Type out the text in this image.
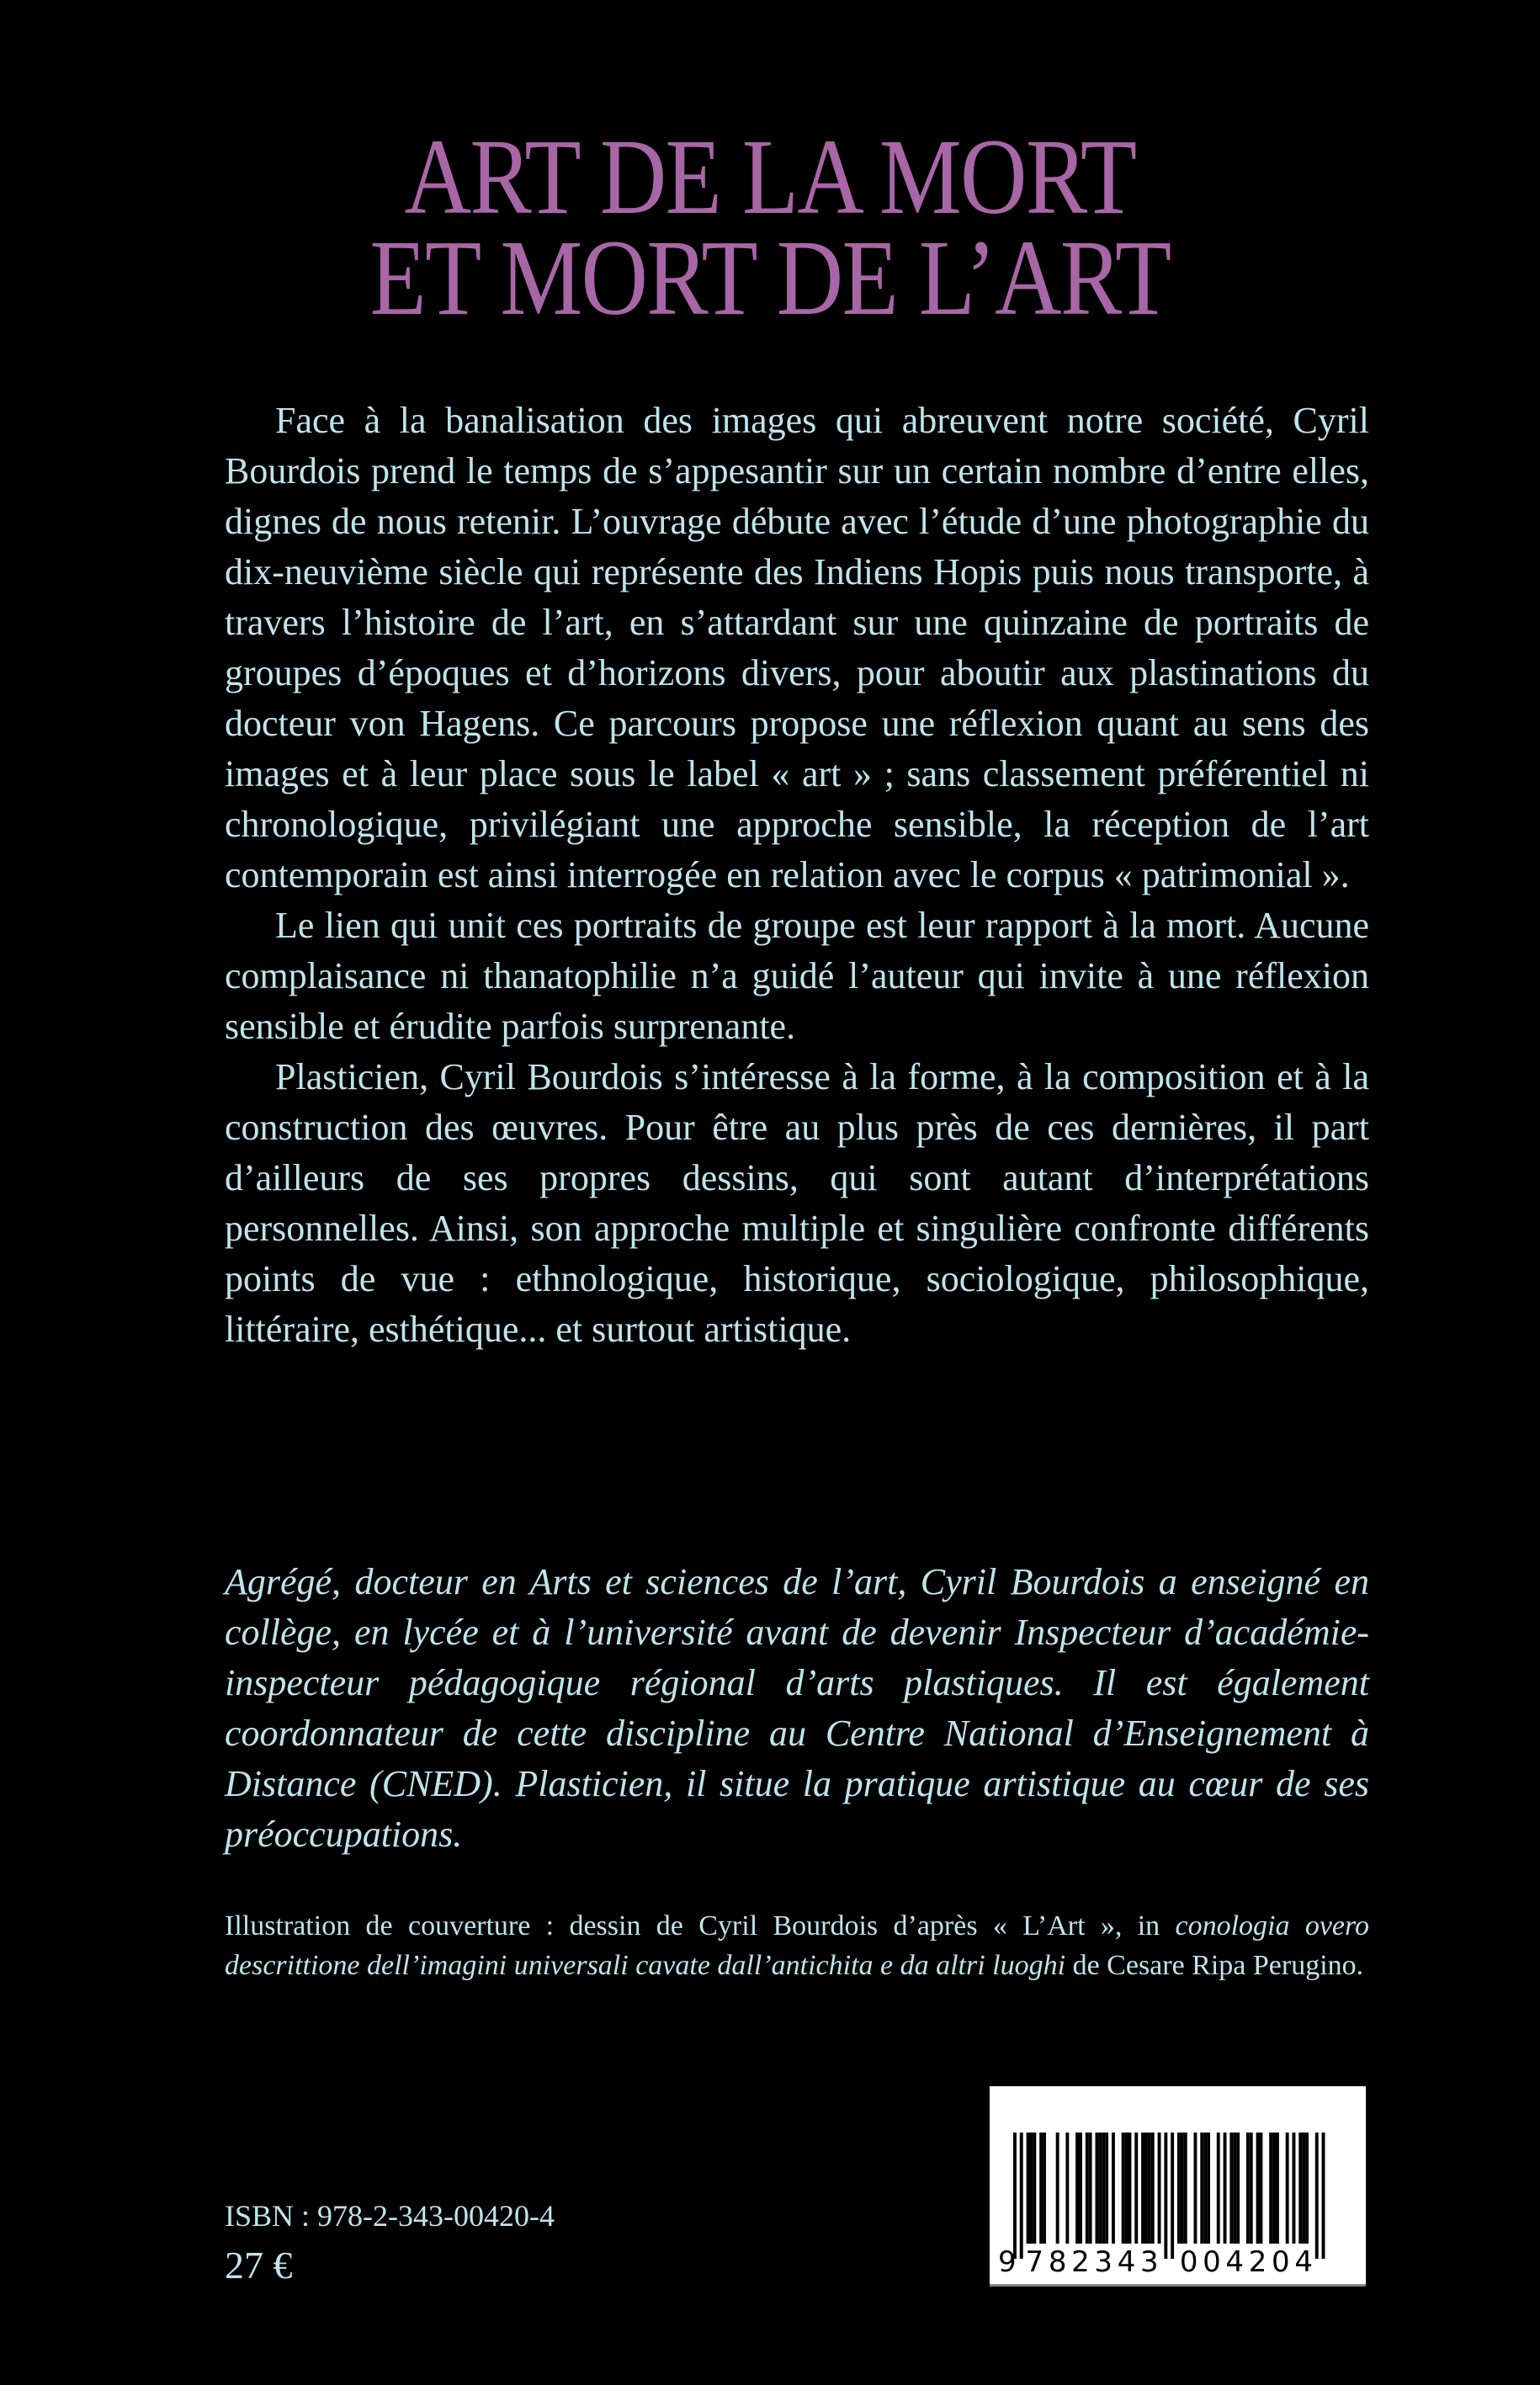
ART DE LA MORT
ET MORT DE L’ART

Face à la banalisation des images qui abreuvent notre société, Cyril Bourdois prend le temps de s’appesantir sur un certain nombre d’entre elles, dignes de nous retenir. L’ouvrage débute avec l’étude d’une photographie du dix-neuvième siècle qui représente des Indiens Hopis puis nous transporte, à travers l’histoire de l’art, en s’attardant sur une quinzaine de portraits de groupes d’époques et d’horizons divers, pour aboutir aux plastinations du docteur von Hagens. Ce parcours propose une réflexion quant au sens des images et à leur place sous le label « art » ; sans classement préférentiel ni chronologique, privilégiant une approche sensible, la réception de l’art contemporain est ainsi interrogée en relation avec le corpus « patrimonial ».

Le lien qui unit ces portraits de groupe est leur rapport à la mort. Aucune complaisance ni thanatophilie n’a guidé l’auteur qui invite à une réflexion sensible et érudite parfois surprenante.

Plasticien, Cyril Bourdois s’intéresse à la forme, à la composition et à la construction des œuvres. Pour être au plus près de ces dernières, il part d’ailleurs de ses propres dessins, qui sont autant d’interprétations personnelles. Ainsi, son approche multiple et singulière confronte différents points de vue : ethnologique, historique, sociologique, philosophique, littéraire, esthétique... et surtout artistique.

Agrégé, docteur en Arts et sciences de l’art, Cyril Bourdois a enseigné en collège, en lycée et à l’université avant de devenir Inspecteur d’académie-inspecteur pédagogique régional d’arts plastiques. Il est également coordonnateur de cette discipline au Centre National d’Enseignement à Distance (CNED). Plasticien, il situe la pratique artistique au cœur de ses préoccupations.
Illustration de couverture : dessin de Cyril Bourdois d’après « L’Art », in conologia overo descrittione dell’imagini universali cavate dall’antichita e da altri luoghi de Cesare Ripa Perugino.
ISBN : 978-2-343-00420-4
27 €	9 7 8 2 3 4 3 0 0 4 2 0 4
